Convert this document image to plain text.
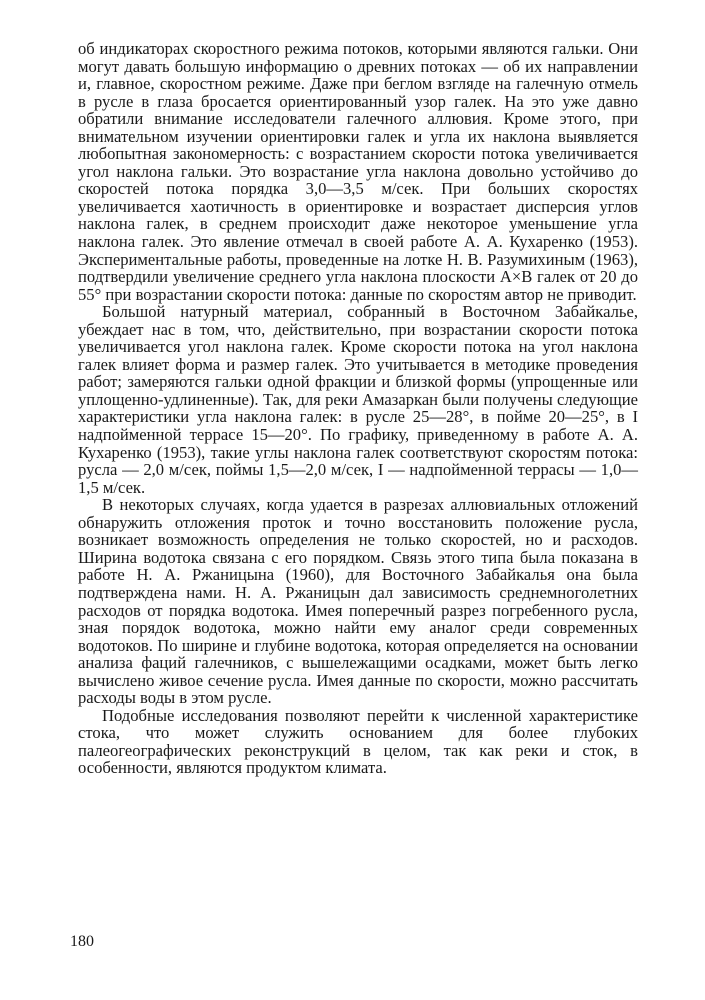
об индикаторах скоростного режима потоков, которыми являются гальки. Они могут давать большую информацию о древних потоках — об их направлении и, главное, скоростном режиме. Даже при беглом взгляде на галечную отмель в русле в глаза бросается ориентированный узор галек. На это уже давно обратили внимание исследователи галечного аллювия. Кроме этого, при внимательном изучении ориентировки галек и угла их наклона выявляется любопытная закономерность: с возрастанием скорости потока увеличивается угол наклона гальки. Это возрастание угла наклона довольно устойчиво до скоростей потока порядка 3,0—3,5 м/сек. При больших скоростях увеличивается хаотичность в ориентировке и возрастает дисперсия углов наклона галек, в среднем происходит даже некоторое уменьшение угла наклона галек. Это явление отмечал в своей работе А. А. Кухаренко (1953). Экспериментальные работы, проведенные на лотке Н. В. Разумихиным (1963), подтвердили увеличение среднего угла наклона плоскости A×B галек от 20 до 55° при возрастании скорости потока: данные по скоростям автор не приводит.

Большой натурный материал, собранный в Восточном Забайкалье, убеждает нас в том, что, действительно, при возрастании скорости потока увеличивается угол наклона галек. Кроме скорости потока на угол наклона галек влияет форма и размер галек. Это учитывается в методике проведения работ; замеряются гальки одной фракции и близкой формы (упрощенные или уплощенно-удлиненные). Так, для реки Амазаркан были получены следующие характеристики угла наклона галек: в русле 25—28°, в пойме 20—25°, в I надпойменной террасе 15—20°. По графику, приведенному в работе А. А. Кухаренко (1953), такие углы наклона галек соответствуют скоростям потока: русла — 2,0 м/сек, поймы 1,5—2,0 м/сек, I — надпойменной террасы — 1,0—1,5 м/сек.

В некоторых случаях, когда удается в разрезах аллювиальных отложений обнаружить отложения проток и точно восстановить положение русла, возникает возможность определения не только скоростей, но и расходов. Ширина водотока связана с его порядком. Связь этого типа была показана в работе Н. А. Ржаницына (1960), для Восточного Забайкалья она была подтверждена нами. Н. А. Ржаницын дал зависимость среднемноголетних расходов от порядка водотока. Имея поперечный разрез погребенного русла, зная порядок водотока, можно найти ему аналог среди современных водотоков. По ширине и глубине водотока, которая определяется на основании анализа фаций галечников, с вышележащими осадками, может быть легко вычислено живое сечение русла. Имея данные по скорости, можно рассчитать расходы воды в этом русле.

Подобные исследования позволяют перейти к численной характеристике стока, что может служить основанием для более глубоких палеогеографических реконструкций в целом, так как реки и сток, в особенности, являются продуктом климата.

180
